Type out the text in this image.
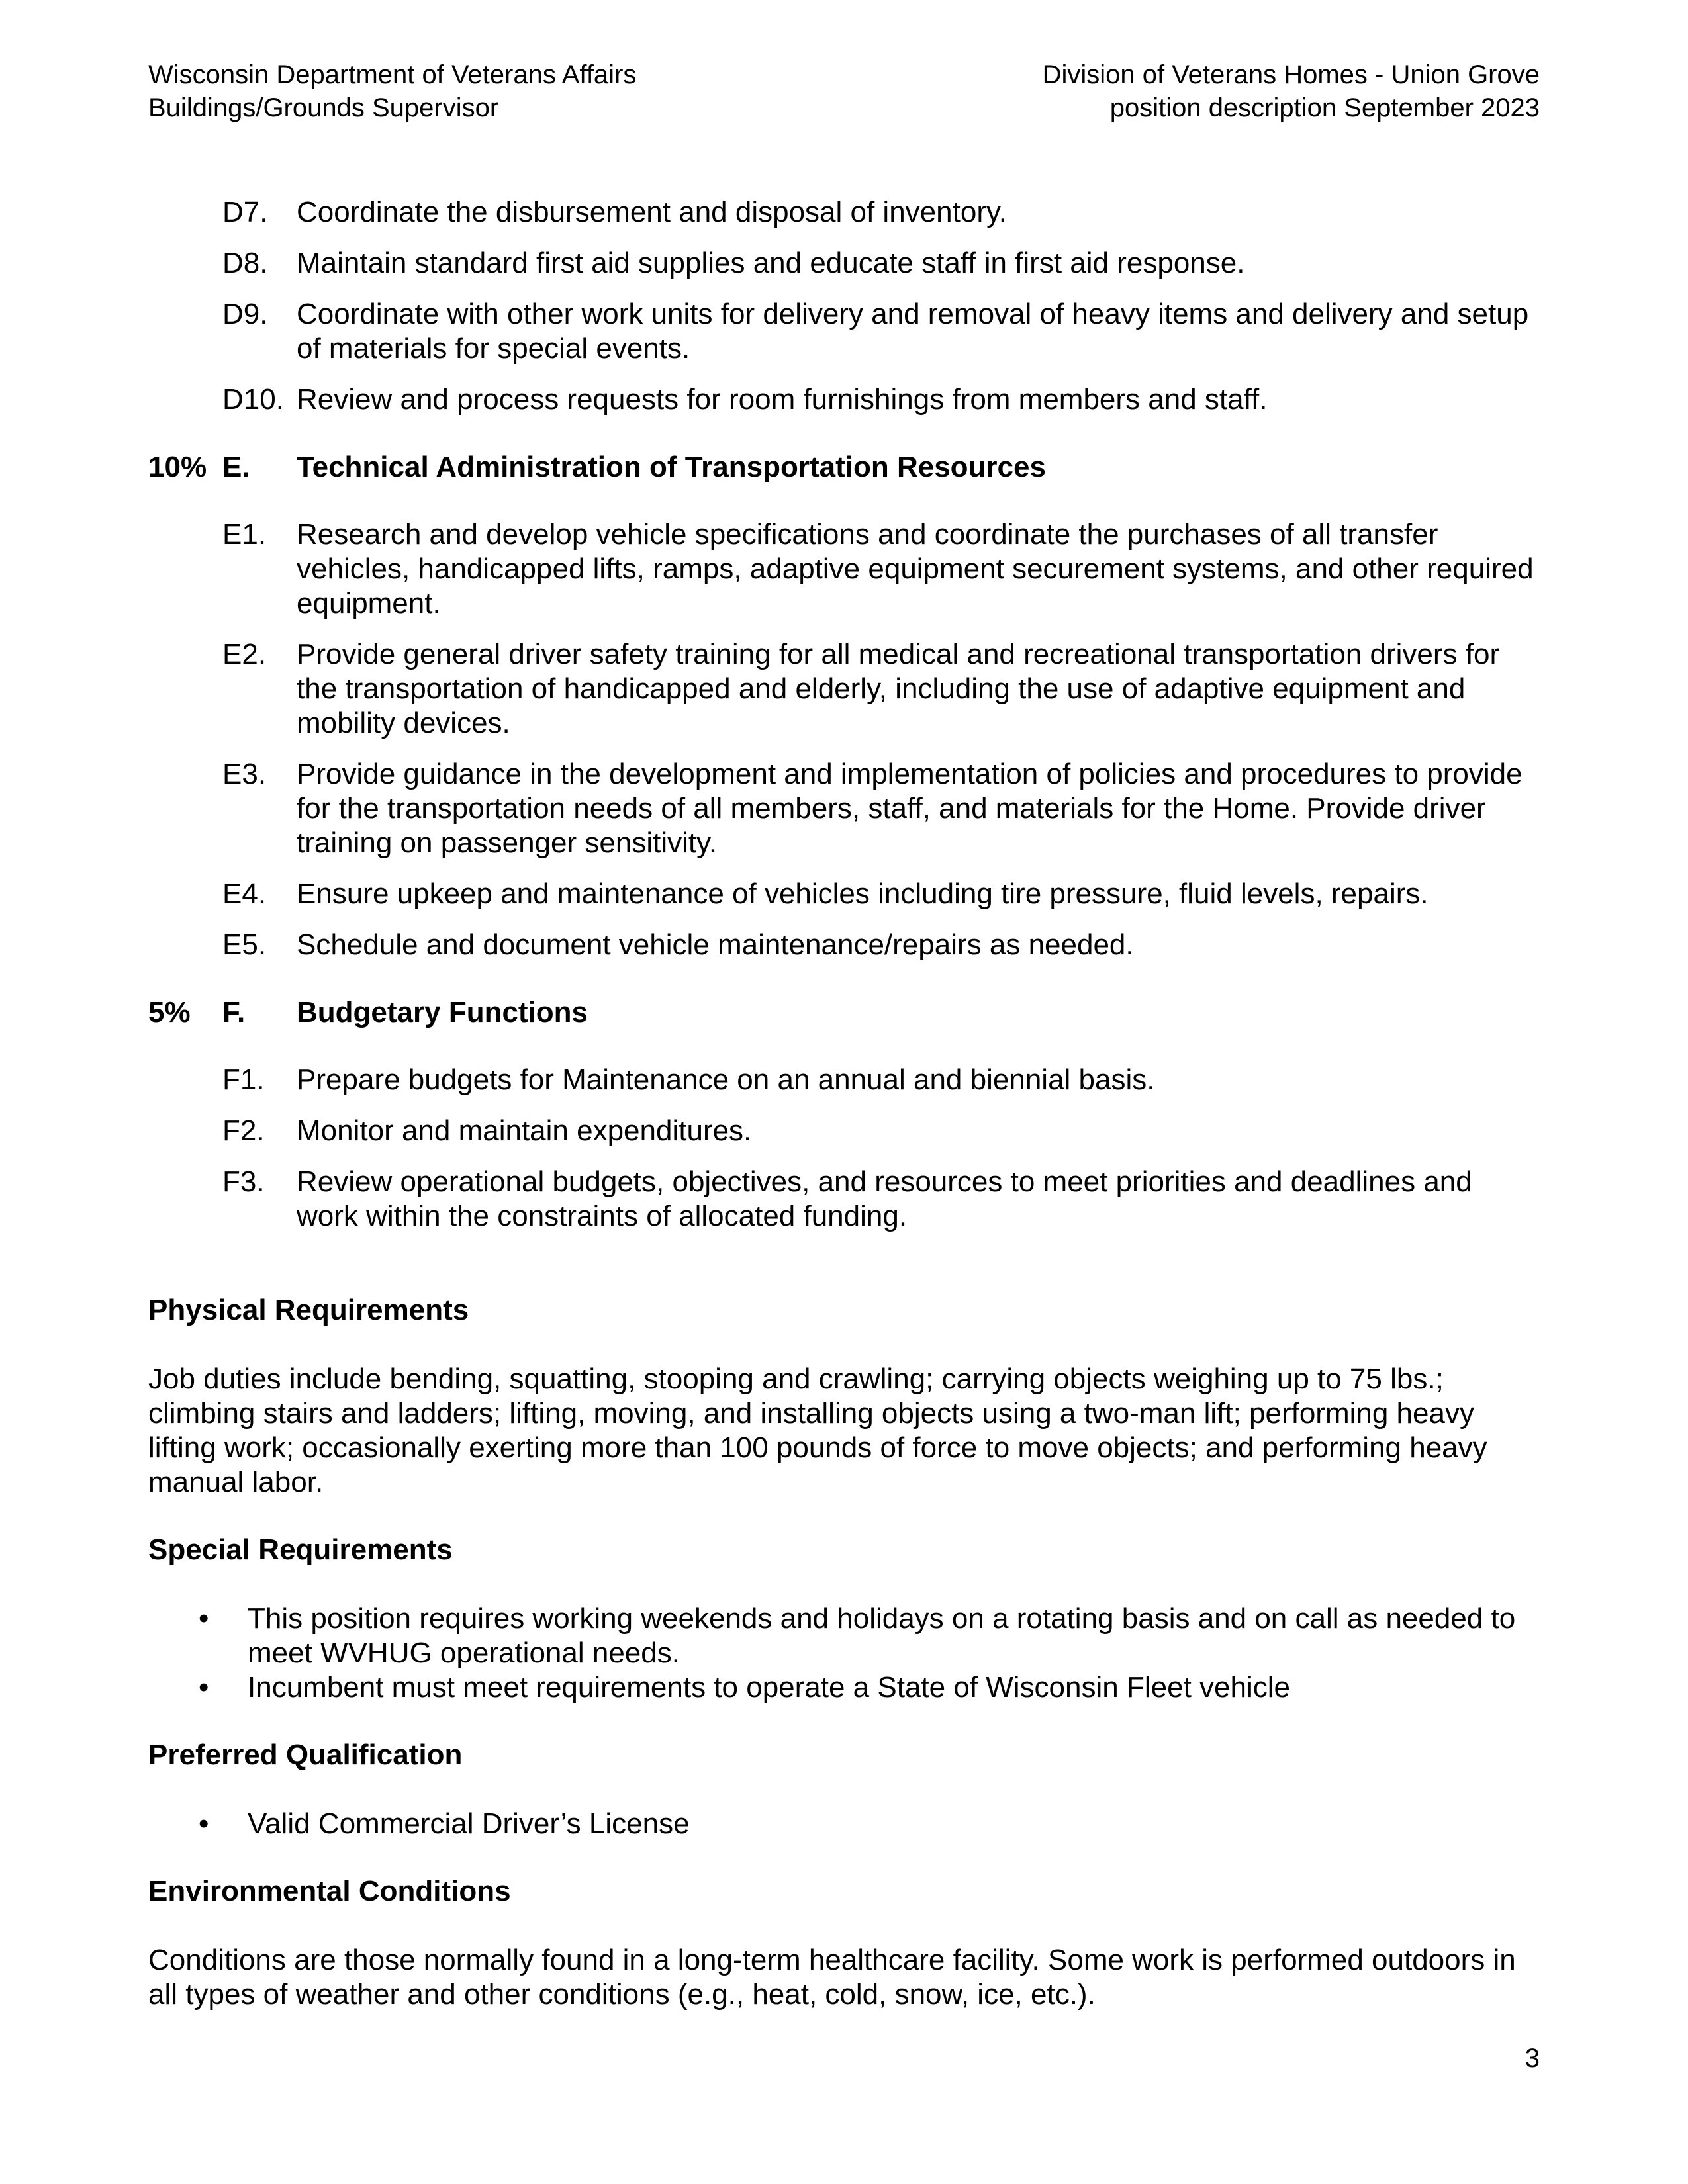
Wisconsin Department of Veterans Affairs
Buildings/Grounds Supervisor
Division of Veterans Homes - Union Grove
position description September 2023
D7. Coordinate the disbursement and disposal of inventory.
D8. Maintain standard first aid supplies and educate staff in first aid response.
D9. Coordinate with other work units for delivery and removal of heavy items and delivery and setup of materials for special events.
D10. Review and process requests for room furnishings from members and staff.
10% E. Technical Administration of Transportation Resources
E1. Research and develop vehicle specifications and coordinate the purchases of all transfer vehicles, handicapped lifts, ramps, adaptive equipment securement systems, and other required equipment.
E2. Provide general driver safety training for all medical and recreational transportation drivers for the transportation of handicapped and elderly, including the use of adaptive equipment and mobility devices.
E3. Provide guidance in the development and implementation of policies and procedures to provide for the transportation needs of all members, staff, and materials for the Home. Provide driver training on passenger sensitivity.
E4. Ensure upkeep and maintenance of vehicles including tire pressure, fluid levels, repairs.
E5. Schedule and document vehicle maintenance/repairs as needed.
5% F. Budgetary Functions
F1. Prepare budgets for Maintenance on an annual and biennial basis.
F2. Monitor and maintain expenditures.
F3. Review operational budgets, objectives, and resources to meet priorities and deadlines and work within the constraints of allocated funding.
Physical Requirements
Job duties include bending, squatting, stooping and crawling; carrying objects weighing up to 75 lbs.; climbing stairs and ladders; lifting, moving, and installing objects using a two-man lift; performing heavy lifting work; occasionally exerting more than 100 pounds of force to move objects; and performing heavy manual labor.
Special Requirements
• This position requires working weekends and holidays on a rotating basis and on call as needed to meet WVHUG operational needs.
• Incumbent must meet requirements to operate a State of Wisconsin Fleet vehicle
Preferred Qualification
• Valid Commercial Driver’s License
Environmental Conditions
Conditions are those normally found in a long-term healthcare facility. Some work is performed outdoors in all types of weather and other conditions (e.g., heat, cold, snow, ice, etc.).
3
